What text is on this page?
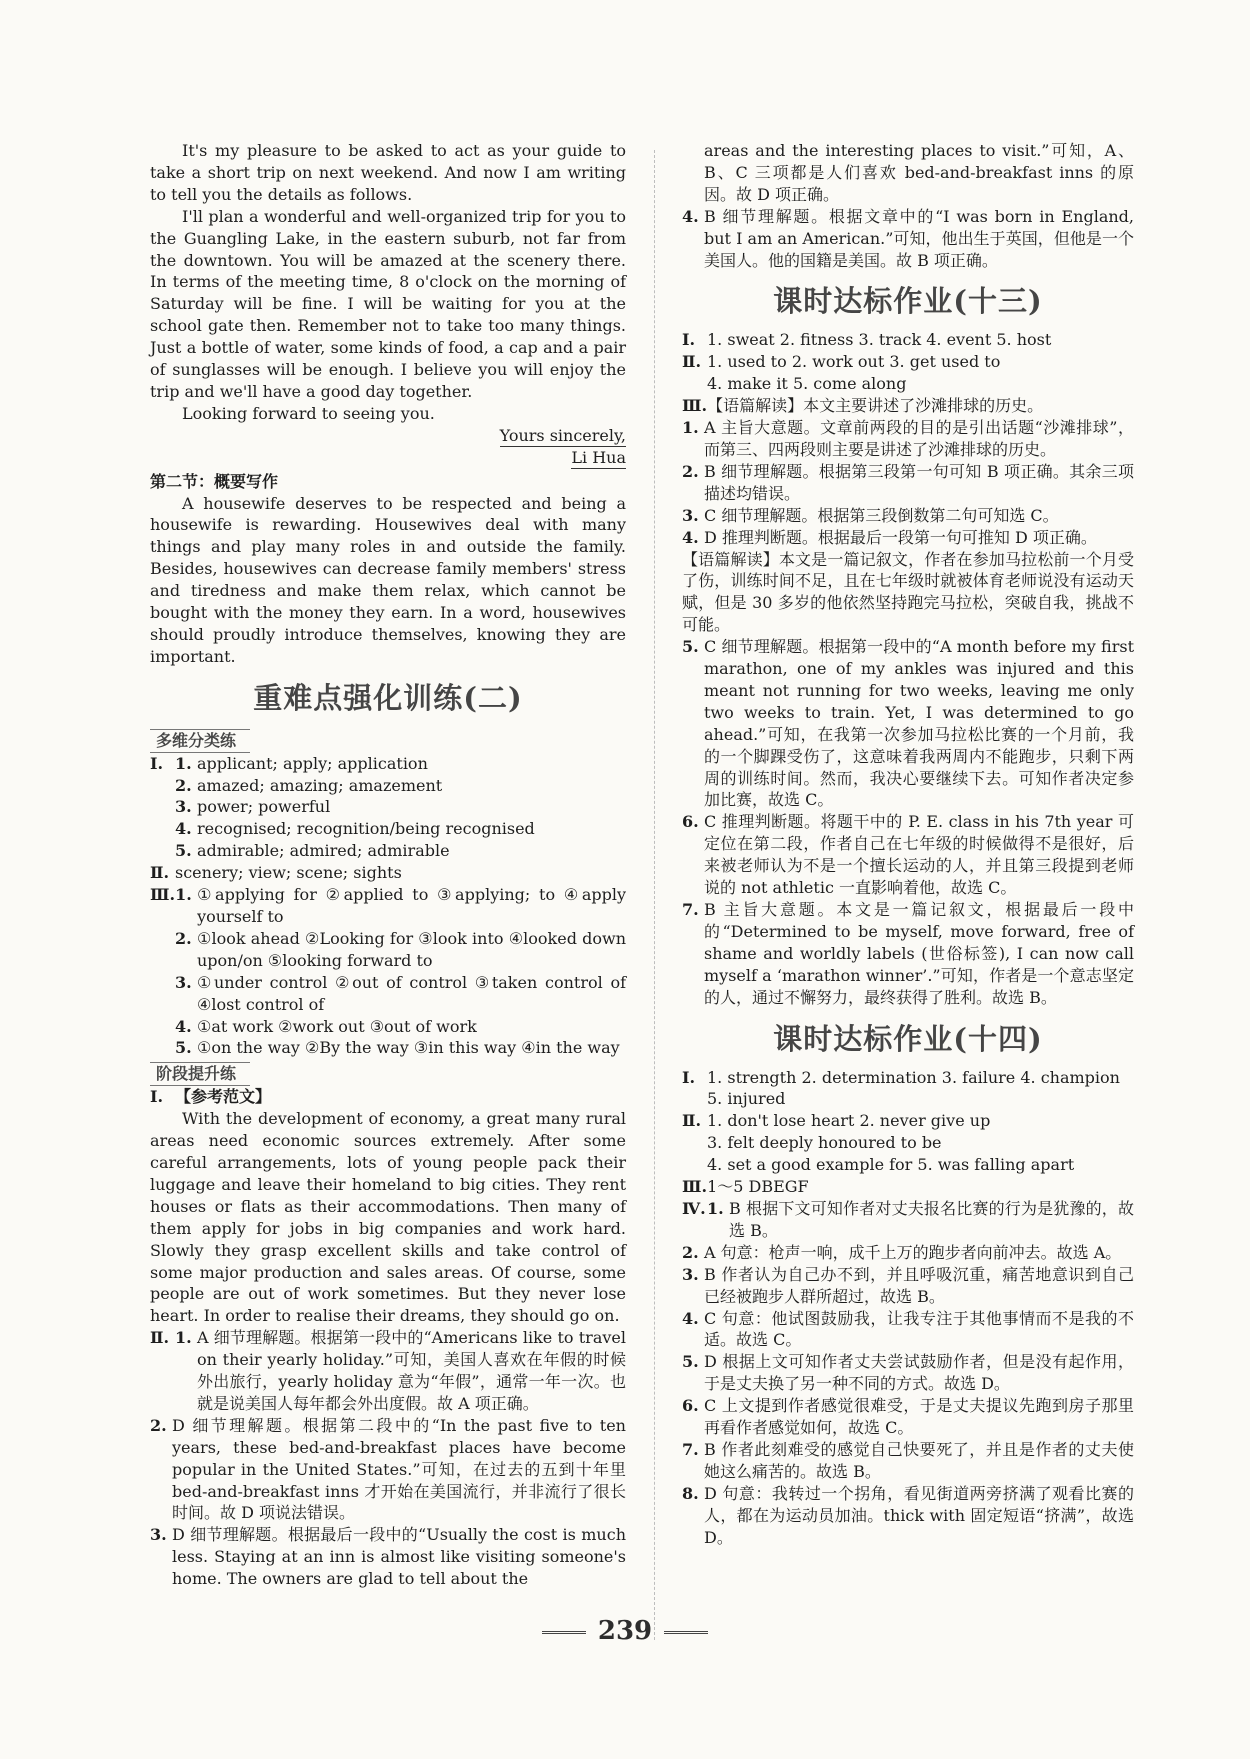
It's my pleasure to be asked to act as your guide to take a short trip on next weekend. And now I am writing to tell you the details as follows.

I'll plan a wonderful and well-organized trip for you to the Guangling Lake, in the eastern suburb, not far from the downtown. You will be amazed at the scenery there. In terms of the meeting time, 8 o'clock on the morning of Saturday will be fine. I will be waiting for you at the school gate then. Remember not to take too many things. Just a bottle of water, some kinds of food, a cap and a pair of sunglasses will be enough. I believe you will enjoy the trip and we'll have a good day together.

Looking forward to seeing you.

Yours sincerely,

Li Hua

第二节：概要写作

A housewife deserves to be respected and being a housewife is rewarding. Housewives deal with many things and play many roles in and outside the family. Besides, housewives can decrease family members' stress and tiredness and make them relax, which cannot be bought with the money they earn. In a word, housewives should proudly introduce themselves, knowing they are important.

重难点强化训练(二)
多维分类练
Ⅰ. 1. applicant; apply; application
2. amazed; amazing; amazement
3. power; powerful
4. recognised; recognition/being recognised
5. admirable; admired; admirable
Ⅱ. scenery; view; scene; sights
Ⅲ. 1. ①applying for ②applied to ③applying; to ④apply yourself to
2. ①look ahead ②Looking for ③look into ④looked down upon/on ⑤looking forward to
3. ①under control ②out of control ③taken control of ④lost control of
4. ①at work ②work out ③out of work
5. ①on the way ②By the way ③in this way ④in the way
阶段提升练
Ⅰ. 【参考范文】

With the development of economy, a great many rural areas need economic sources extremely. After some careful arrangements, lots of young people pack their luggage and leave their homeland to big cities. They rent houses or flats as their accommodations. Then many of them apply for jobs in big companies and work hard. Slowly they grasp excellent skills and take control of some major production and sales areas. Of course, some people are out of work sometimes. But they never lose heart. In order to realise their dreams, they should go on.

Ⅱ. 1. A 细节理解题。根据第一段中的“Americans like to travel on their yearly holiday.”可知，美国人喜欢在年假的时候外出旅行，yearly holiday 意为“年假”，通常一年一次。也就是说美国人每年都会外出度假。故 A 项正确。
2. D 细节理解题。根据第二段中的“In the past five to ten years, these bed-and-breakfast places have become popular in the United States.”可知，在过去的五到十年里 bed-and-breakfast inns 才开始在美国流行，并非流行了很长时间。故 D 项说法错误。
3. D 细节理解题。根据最后一段中的“Usually the cost is much less. Staying at an inn is almost like visiting someone's home. The owners are glad to tell about the

areas and the interesting places to visit.”可知，A、B、C 三项都是人们喜欢 bed-and-breakfast inns 的原因。故 D 项正确。

4. B 细节理解题。根据文章中的“I was born in England, but I am an American.”可知，他出生于英国，但他是一个美国人。他的国籍是美国。故 B 项正确。
课时达标作业(十三)
Ⅰ. 1. sweat 2. fitness 3. track 4. event 5. host
Ⅱ. 1. used to 2. work out 3. get used to
4. make it 5. come along
Ⅲ. 【语篇解读】本文主要讲述了沙滩排球的历史。
1. A 主旨大意题。文章前两段的目的是引出话题“沙滩排球”，而第三、四两段则主要是讲述了沙滩排球的历史。
2. B 细节理解题。根据第三段第一句可知 B 项正确。其余三项描述均错误。
3. C 细节理解题。根据第三段倒数第二句可知选 C。
4. D 推理判断题。根据最后一段第一句可推知 D 项正确。

【语篇解读】本文是一篇记叙文，作者在参加马拉松前一个月受了伤，训练时间不足，且在七年级时就被体育老师说没有运动天赋，但是 30 多岁的他依然坚持跑完马拉松，突破自我，挑战不可能。

5. C 细节理解题。根据第一段中的“A month before my first marathon, one of my ankles was injured and this meant not running for two weeks, leaving me only two weeks to train. Yet, I was determined to go ahead.”可知，在我第一次参加马拉松比赛的一个月前，我的一个脚踝受伤了，这意味着我两周内不能跑步，只剩下两周的训练时间。然而，我决心要继续下去。可知作者决定参加比赛，故选 C。
6. C 推理判断题。将题干中的 P. E. class in his 7th year 可定位在第二段，作者自己在七年级的时候做得不是很好，后来被老师认为不是一个擅长运动的人，并且第三段提到老师说的 not athletic 一直影响着他，故选 C。
7. B 主旨大意题。本文是一篇记叙文，根据最后一段中的“Determined to be myself, move forward, free of shame and worldly labels (世俗标签), I can now call myself a ‘marathon winner’.”可知，作者是一个意志坚定的人，通过不懈努力，最终获得了胜利。故选 B。
课时达标作业(十四)
Ⅰ. 1. strength 2. determination 3. failure 4. champion
5. injured
Ⅱ. 1. don't lose heart 2. never give up
3. felt deeply honoured to be
4. set a good example for 5. was falling apart
Ⅲ. 1～5 DBEGF
Ⅳ. 1. B 根据下文可知作者对丈夫报名比赛的行为是犹豫的，故选 B。
2. A 句意：枪声一响，成千上万的跑步者向前冲去。故选 A。
3. B 作者认为自己办不到，并且呼吸沉重，痛苦地意识到自己已经被跑步人群所超过，故选 B。
4. C 句意：他试图鼓励我，让我专注于其他事情而不是我的不适。故选 C。
5. D 根据上文可知作者丈夫尝试鼓励作者，但是没有起作用，于是丈夫换了另一种不同的方式。故选 D。
6. C 上文提到作者感觉很难受，于是丈夫提议先跑到房子那里再看作者感觉如何，故选 C。
7. B 作者此刻难受的感觉自己快要死了，并且是作者的丈夫使她这么痛苦的。故选 B。
8. D 句意：我转过一个拐角，看见街道两旁挤满了观看比赛的人，都在为运动员加油。thick with 固定短语“挤满”，故选 D。
239
